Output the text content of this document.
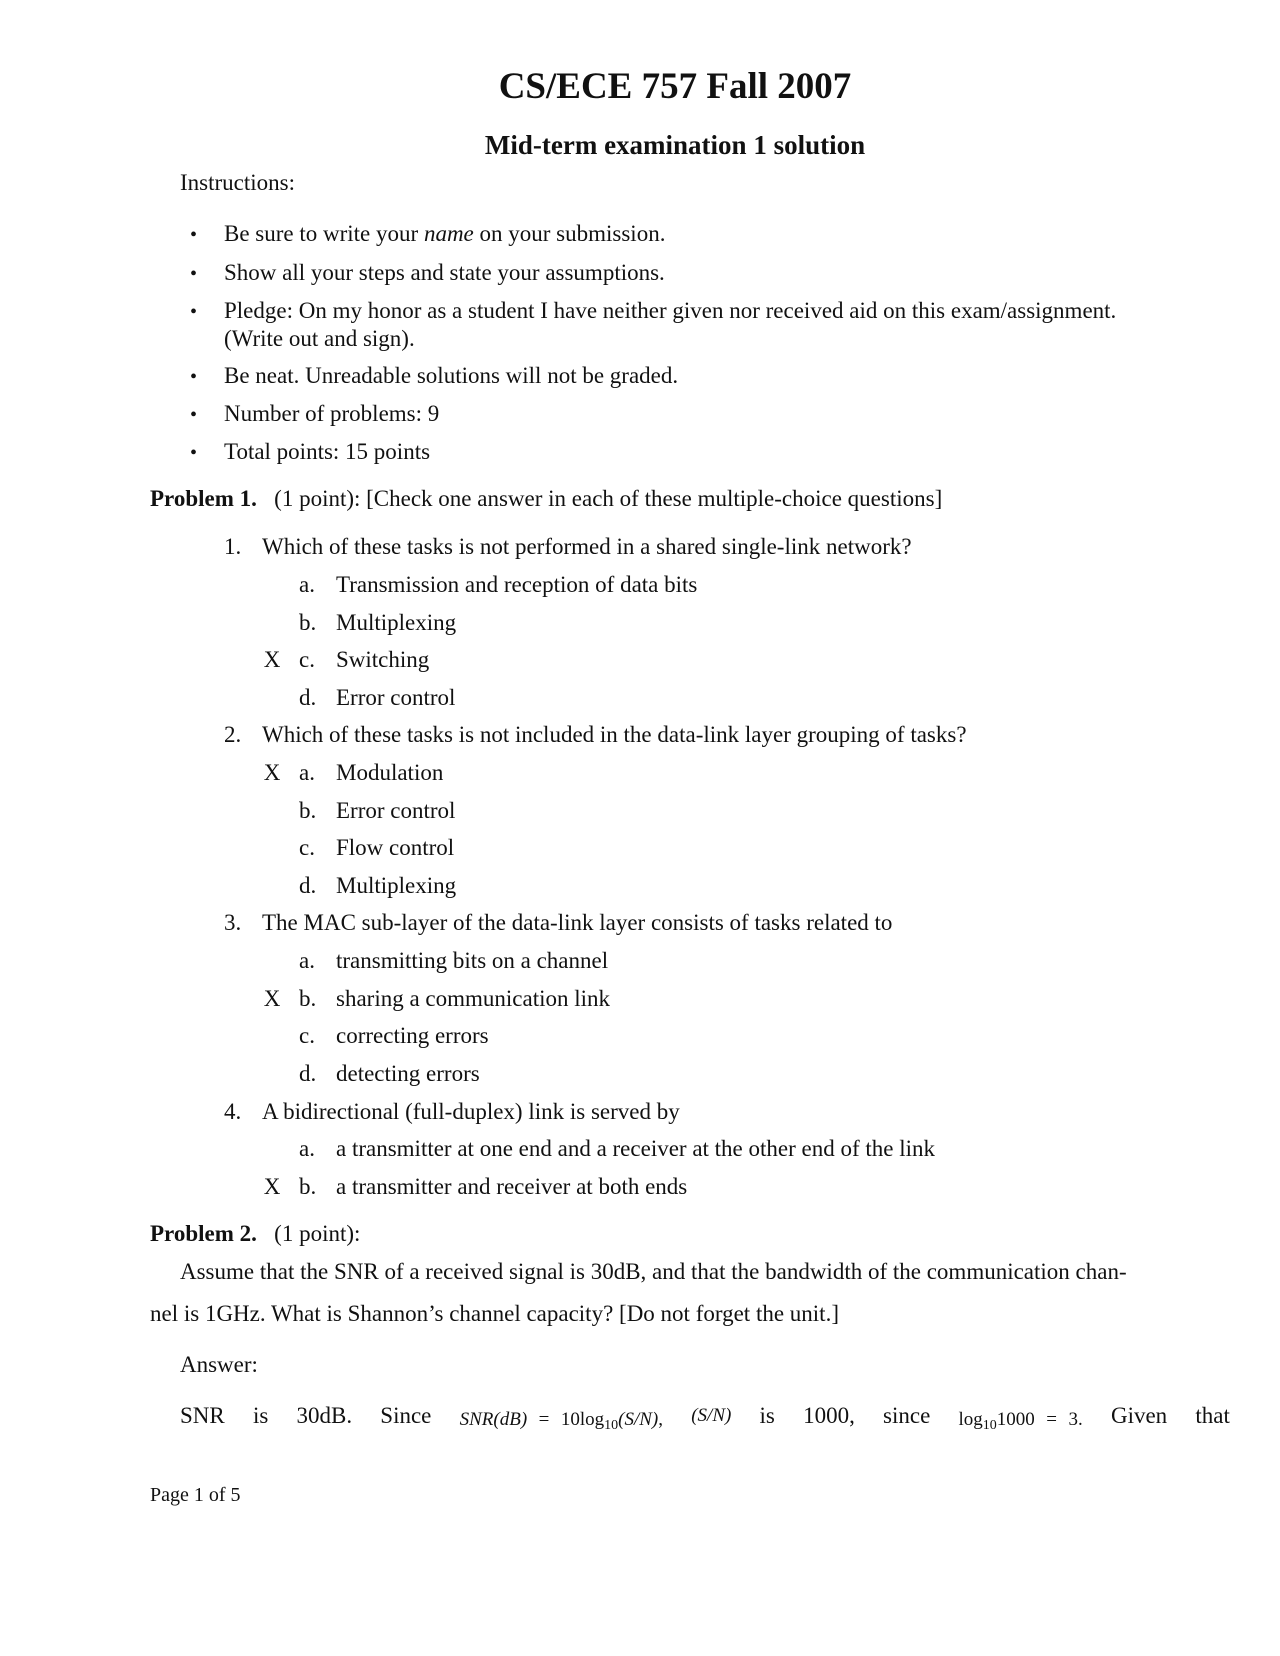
CS/ECE 757 Fall 2007
Mid-term examination 1 solution
Instructions:
• Be sure to write your name on your submission.
• Show all your steps and state your assumptions.
• Pledge: On my honor as a student I have neither given nor received aid on this exam/assignment.
(Write out and sign).
• Be neat. Unreadable solutions will not be graded.
• Number of problems: 9
• Total points: 15 points
Problem 1. (1 point): [Check one answer in each of these multiple-choice questions]
1. Which of these tasks is not performed in a shared single-link network?
a. Transmission and reception of data bits
b. Multiplexing
X c. Switching
d. Error control
2. Which of these tasks is not included in the data-link layer grouping of tasks?
X a. Modulation
b. Error control
c. Flow control
d. Multiplexing
3. The MAC sub-layer of the data-link layer consists of tasks related to
a. transmitting bits on a channel
X b. sharing a communication link
c. correcting errors
d. detecting errors
4. A bidirectional (full-duplex) link is served by
a. a transmitter at one end and a receiver at the other end of the link
X b. a transmitter and receiver at both ends
Problem 2. (1 point):
Assume that the SNR of a received signal is 30dB, and that the bandwidth of the communication chan-
nel is 1GHz. What is Shannon’s channel capacity? [Do not forget the unit.]
Answer:
SNR is 30dB. Since $SNR(dB) = 10\log_{10}(S/N)$, (S/N) is 1000, since $\log_{10}1000 = 3$. Given that
Page 1 of 5
